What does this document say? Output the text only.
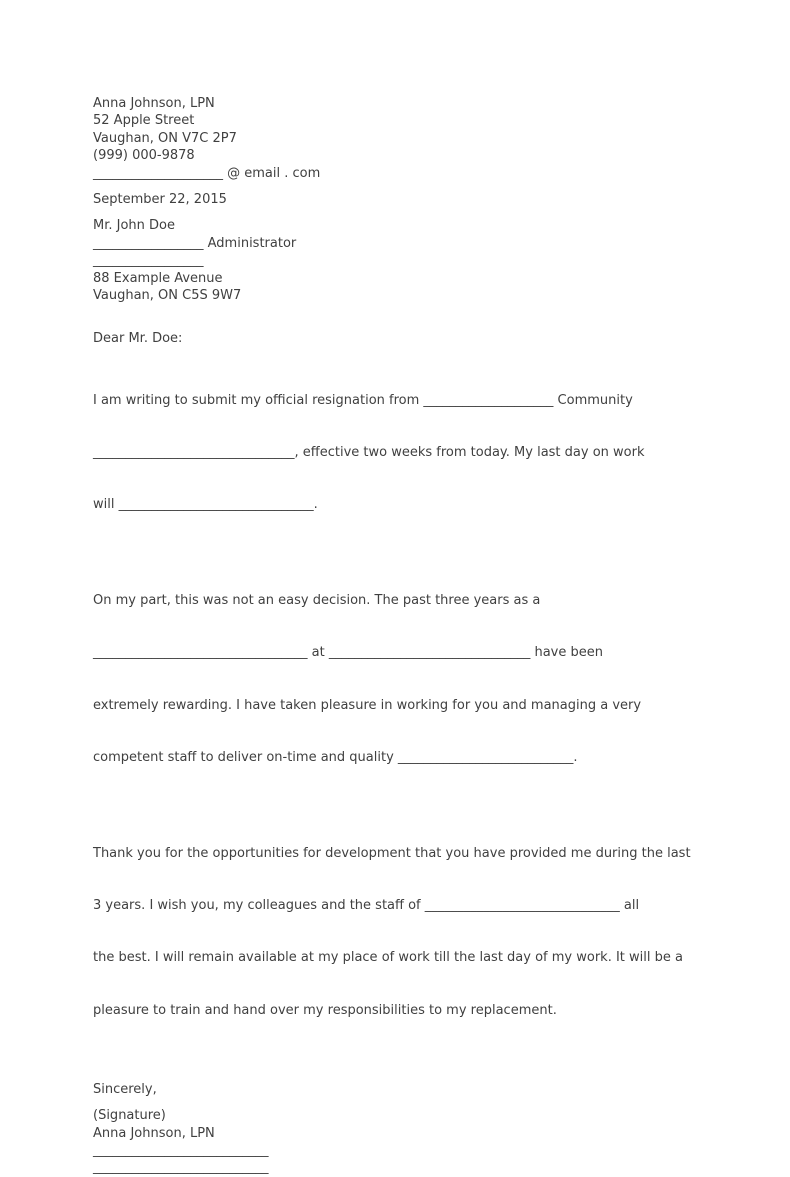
Anna Johnson, LPN
52 Apple Street
Vaughan, ON V7C 2P7
(999) 000-9878
____________________ @ email . com
September 22, 2015
Mr. John Doe
_________________ Administrator
_________________
88 Example Avenue
Vaughan, ON C5S 9W7
Dear Mr. Doe:

I am writing to submit my official resignation from ____________________ Community

_______________________________, effective two weeks from today. My last day on work

will ______________________________.

On my part, this was not an easy decision. The past three years as a

_________________________________ at _______________________________ have been

extremely rewarding. I have taken pleasure in working for you and managing a very

competent staff to deliver on-time and quality ___________________________.

Thank you for the opportunities for development that you have provided me during the last

3 years. I wish you, my colleagues and the staff of ______________________________ all

the best. I will remain available at my place of work till the last day of my work. It will be a

pleasure to train and hand over my responsibilities to my replacement.

Sincerely,
(Signature)
Anna Johnson, LPN
___________________________
___________________________
